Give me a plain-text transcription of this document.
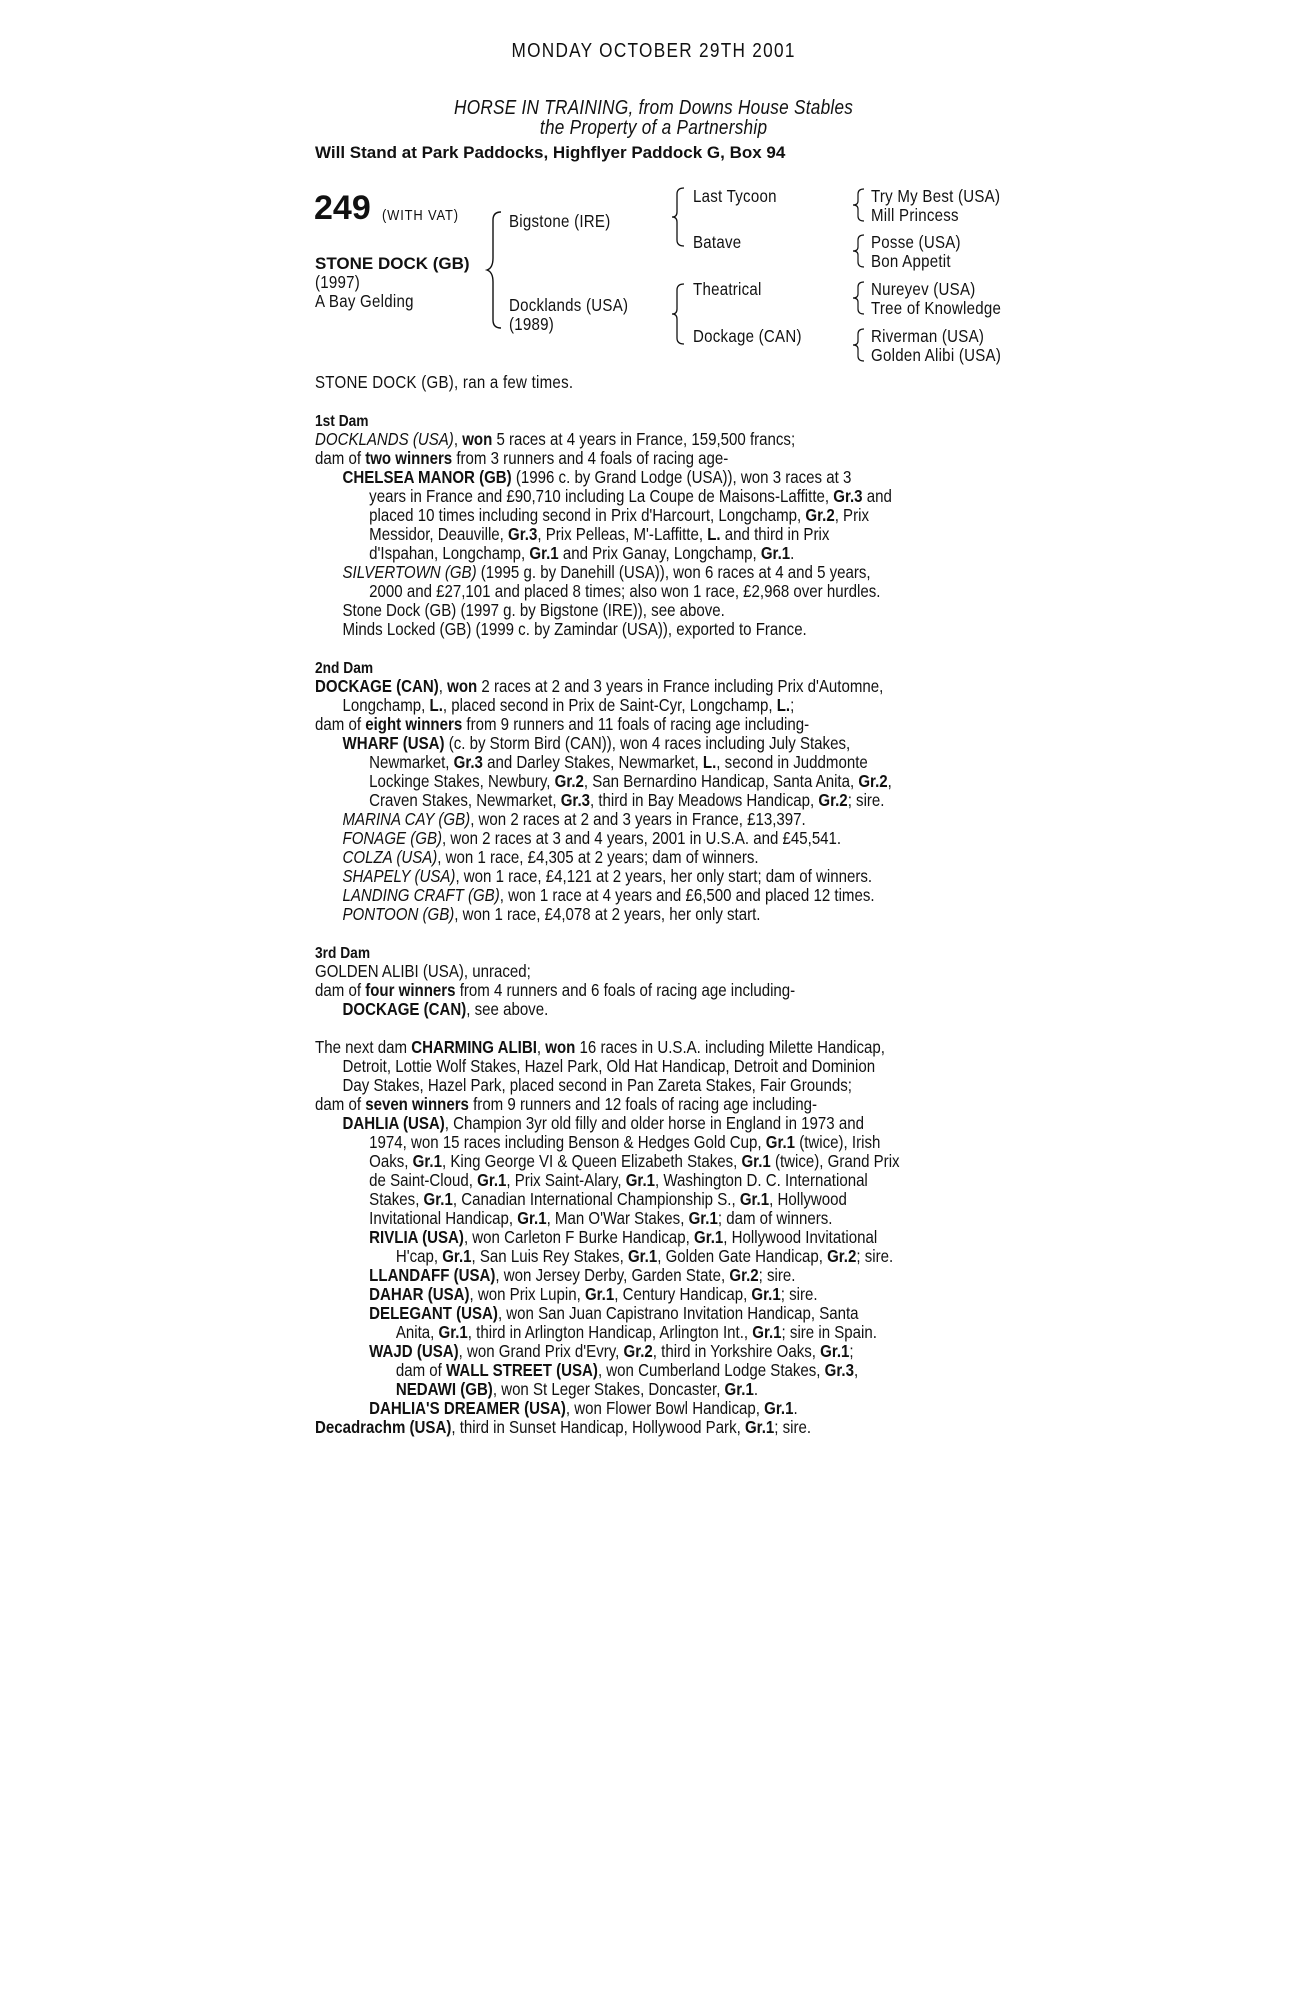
MONDAY OCTOBER 29TH 2001
HORSE IN TRAINING, from Downs House Stables
the Property of a Partnership
Will Stand at Park Paddocks, Highflyer Paddock G, Box 94
249 (WITH VAT)
STONE DOCK (GB)
(1997)
A Bay Gelding
Bigstone (IRE)
Docklands (USA)
(1989)
Last Tycoon
Batave
Theatrical
Dockage (CAN)
Try My Best (USA)
Mill Princess
Posse (USA)
Bon Appetit
Nureyev (USA)
Tree of Knowledge
Riverman (USA)
Golden Alibi (USA)
STONE DOCK (GB), ran a few times.
1st Dam
DOCKLANDS (USA), won 5 races at 4 years in France, 159,500 francs;
dam of two winners from 3 runners and 4 foals of racing age-
CHELSEA MANOR (GB) (1996 c. by Grand Lodge (USA)), won 3 races at 3
years in France and £90,710 including La Coupe de Maisons-Laffitte, Gr.3 and
placed 10 times including second in Prix d'Harcourt, Longchamp, Gr.2, Prix
Messidor, Deauville, Gr.3, Prix Pelleas, M'-Laffitte, L. and third in Prix
d'Ispahan, Longchamp, Gr.1 and Prix Ganay, Longchamp, Gr.1.
SILVERTOWN (GB) (1995 g. by Danehill (USA)), won 6 races at 4 and 5 years,
2000 and £27,101 and placed 8 times; also won 1 race, £2,968 over hurdles.
Stone Dock (GB) (1997 g. by Bigstone (IRE)), see above.
Minds Locked (GB) (1999 c. by Zamindar (USA)), exported to France.
2nd Dam
DOCKAGE (CAN), won 2 races at 2 and 3 years in France including Prix d'Automne,
Longchamp, L., placed second in Prix de Saint-Cyr, Longchamp, L.;
dam of eight winners from 9 runners and 11 foals of racing age including-
WHARF (USA) (c. by Storm Bird (CAN)), won 4 races including July Stakes,
Newmarket, Gr.3 and Darley Stakes, Newmarket, L., second in Juddmonte
Lockinge Stakes, Newbury, Gr.2, San Bernardino Handicap, Santa Anita, Gr.2,
Craven Stakes, Newmarket, Gr.3, third in Bay Meadows Handicap, Gr.2; sire.
MARINA CAY (GB), won 2 races at 2 and 3 years in France, £13,397.
FONAGE (GB), won 2 races at 3 and 4 years, 2001 in U.S.A. and £45,541.
COLZA (USA), won 1 race, £4,305 at 2 years; dam of winners.
SHAPELY (USA), won 1 race, £4,121 at 2 years, her only start; dam of winners.
LANDING CRAFT (GB), won 1 race at 4 years and £6,500 and placed 12 times.
PONTOON (GB), won 1 race, £4,078 at 2 years, her only start.
3rd Dam
GOLDEN ALIBI (USA), unraced;
dam of four winners from 4 runners and 6 foals of racing age including-
DOCKAGE (CAN), see above.
The next dam CHARMING ALIBI, won 16 races in U.S.A. including Milette Handicap,
Detroit, Lottie Wolf Stakes, Hazel Park, Old Hat Handicap, Detroit and Dominion
Day Stakes, Hazel Park, placed second in Pan Zareta Stakes, Fair Grounds;
dam of seven winners from 9 runners and 12 foals of racing age including-
DAHLIA (USA), Champion 3yr old filly and older horse in England in 1973 and
1974, won 15 races including Benson & Hedges Gold Cup, Gr.1 (twice), Irish
Oaks, Gr.1, King George VI & Queen Elizabeth Stakes, Gr.1 (twice), Grand Prix
de Saint-Cloud, Gr.1, Prix Saint-Alary, Gr.1, Washington D. C. International
Stakes, Gr.1, Canadian International Championship S., Gr.1, Hollywood
Invitational Handicap, Gr.1, Man O'War Stakes, Gr.1; dam of winners.
RIVLIA (USA), won Carleton F Burke Handicap, Gr.1, Hollywood Invitational
H'cap, Gr.1, San Luis Rey Stakes, Gr.1, Golden Gate Handicap, Gr.2; sire.
LLANDAFF (USA), won Jersey Derby, Garden State, Gr.2; sire.
DAHAR (USA), won Prix Lupin, Gr.1, Century Handicap, Gr.1; sire.
DELEGANT (USA), won San Juan Capistrano Invitation Handicap, Santa
Anita, Gr.1, third in Arlington Handicap, Arlington Int., Gr.1; sire in Spain.
WAJD (USA), won Grand Prix d'Evry, Gr.2, third in Yorkshire Oaks, Gr.1;
dam of WALL STREET (USA), won Cumberland Lodge Stakes, Gr.3,
NEDAWI (GB), won St Leger Stakes, Doncaster, Gr.1.
DAHLIA'S DREAMER (USA), won Flower Bowl Handicap, Gr.1.
Decadrachm (USA), third in Sunset Handicap, Hollywood Park, Gr.1; sire.
